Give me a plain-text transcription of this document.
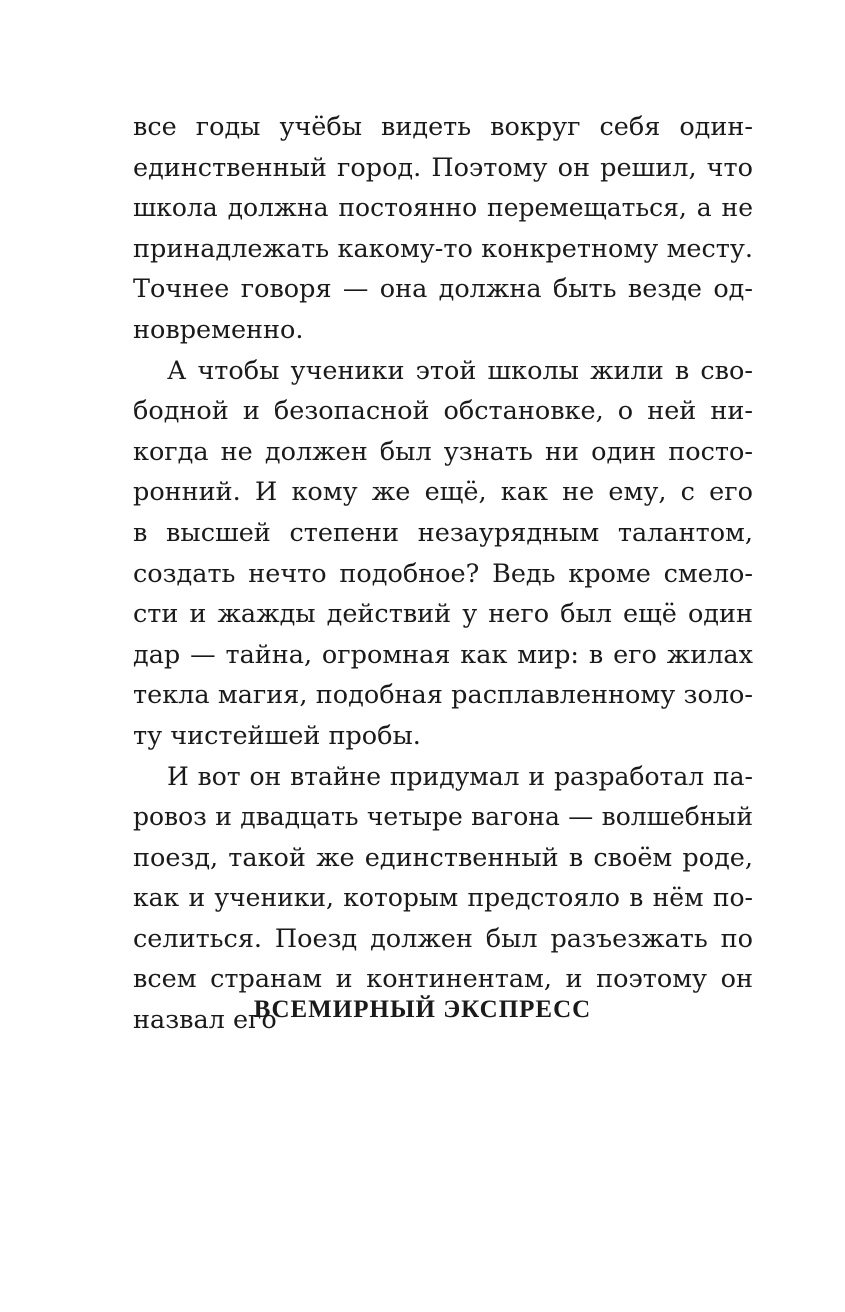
все годы учёбы видеть вокруг себя один-
единственный город. Поэтому он решил, что
школа должна постоянно перемещаться, а не
принадлежать какому-то конкретному месту.
Точнее говоря — она должна быть везде од-
новременно.
А чтобы ученики этой школы жили в сво-
бодной и безопасной обстановке, о ней ни-
когда не должен был узнать ни один посто-
ронний. И кому же ещё, как не ему, с его
в высшей степени незаурядным талантом,
создать нечто подобное? Ведь кроме смело-
сти и жажды действий у него был ещё один
дар — тайна, огромная как мир: в его жилах
текла магия, подобная расплавленному золо-
ту чистейшей пробы.
И вот он втайне придумал и разработал па-
ровоз и двадцать четыре вагона — волшебный
поезд, такой же единственный в своём роде,
как и ученики, которым предстояло в нём по-
селиться. Поезд должен был разъезжать по
всем странам и континентам, и поэтому он
назвал его
ВСЕМИРНЫЙ ЭКСПРЕСС
